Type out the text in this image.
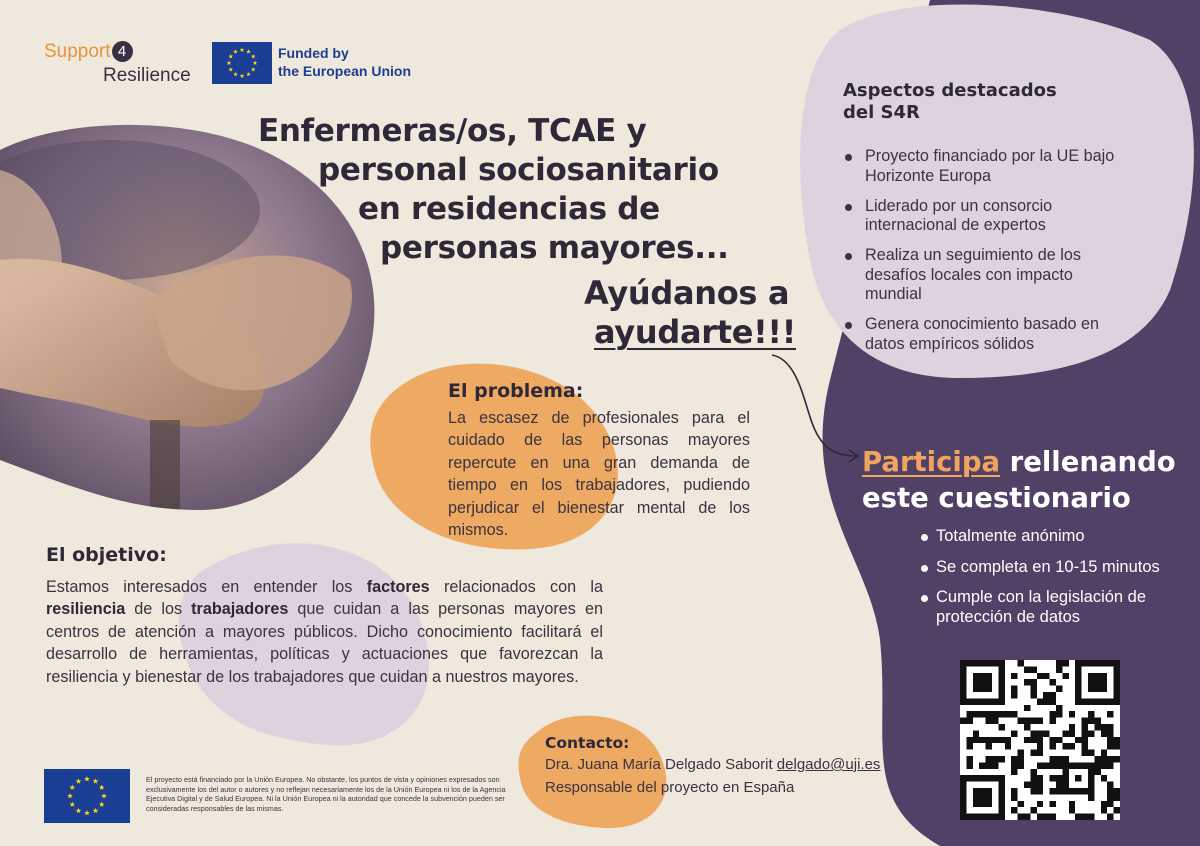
Support 4
Resilience
Funded by
the European Union
Enfermeras/os, TCAE y
personal sociosanitario
en residencias de
personas mayores...
Ayúdanos a
ayudarte!!!
El problema:
La escasez de profesionales para el cuidado de las personas mayores repercute en una gran demanda de tiempo en los trabajadores, pudiendo perjudicar el bienestar mental de los mismos.
El objetivo:
Estamos interesados en entender los factores relacionados con la resiliencia de los trabajadores que cuidan a las personas mayores en centros de atención a mayores públicos. Dicho conocimiento facilitará el desarrollo de herramientas, políticas y actuaciones que favorezcan la resiliencia y bienestar de los trabajadores que cuidan a nuestros mayores.
Aspectos destacados
del S4R
Proyecto financiado por la UE bajo Horizonte Europa
Liderado por un consorcio internacional de expertos
Realiza un seguimiento de los desafíos locales con impacto mundial
Genera conocimiento basado en datos empíricos sólidos
Participa rellenando este cuestionario
Totalmente anónimo
Se completa en 10-15 minutos
Cumple con la legislación de protección de datos
El proyecto está financiado por la Unión Europea. No obstante, los puntos de vista y opiniones expresados son exclusivamente los del autor o autores y no reflejan necesariamente los de la Unión Europea ni los de la Agencia Ejecutiva Digital y de Salud Europea. Ni la Unión Europea ni la autoridad que concede la subvención pueden ser consideradas responsables de las mismas.
Contacto:
Dra. Juana María Delgado Saborit delgado@uji.es
Responsable del proyecto en España
